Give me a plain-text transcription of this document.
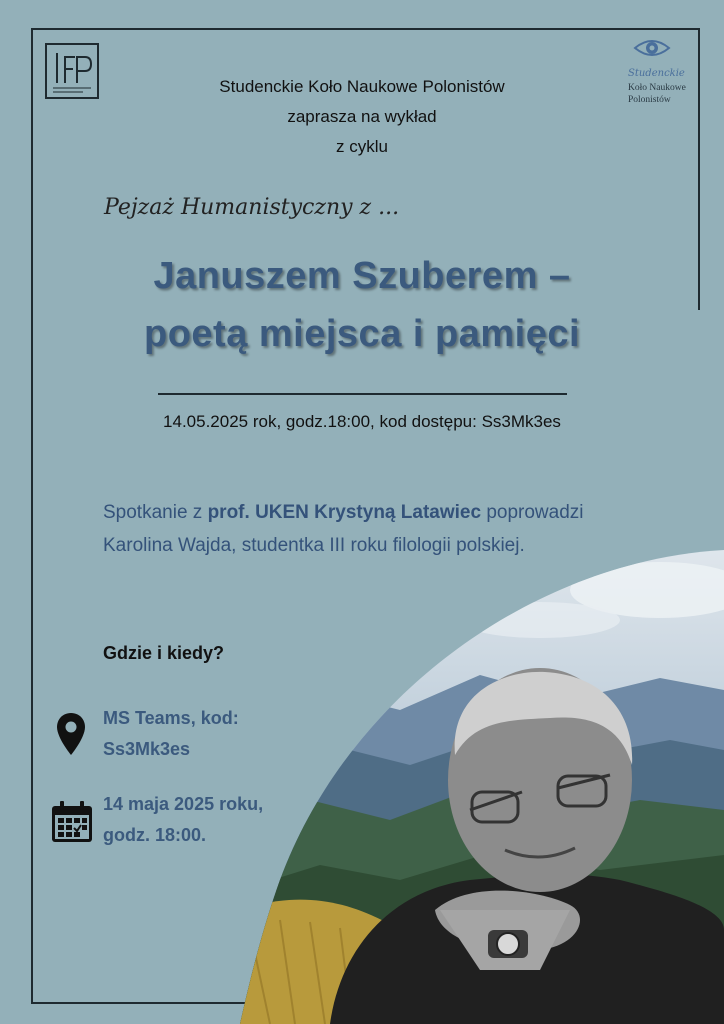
Studenckie
Koło Naukowe
Polonistów
Studenckie Koło Naukowe Polonistów
zaprasza na wykład
z cyklu
Pejzaż Humanistyczny z ...
Januszem Szuberem –
poetą miejsca i pamięci
14.05.2025 rok, godz.18:00, kod dostępu: Ss3Mk3es
Spotkanie z prof. UKEN Krystyną Latawiec poprowadzi Karolina Wajda, studentka III roku filologii polskiej.
Gdzie i kiedy?
MS Teams, kod:
Ss3Mk3es
14 maja 2025 roku,
godz. 18:00.
